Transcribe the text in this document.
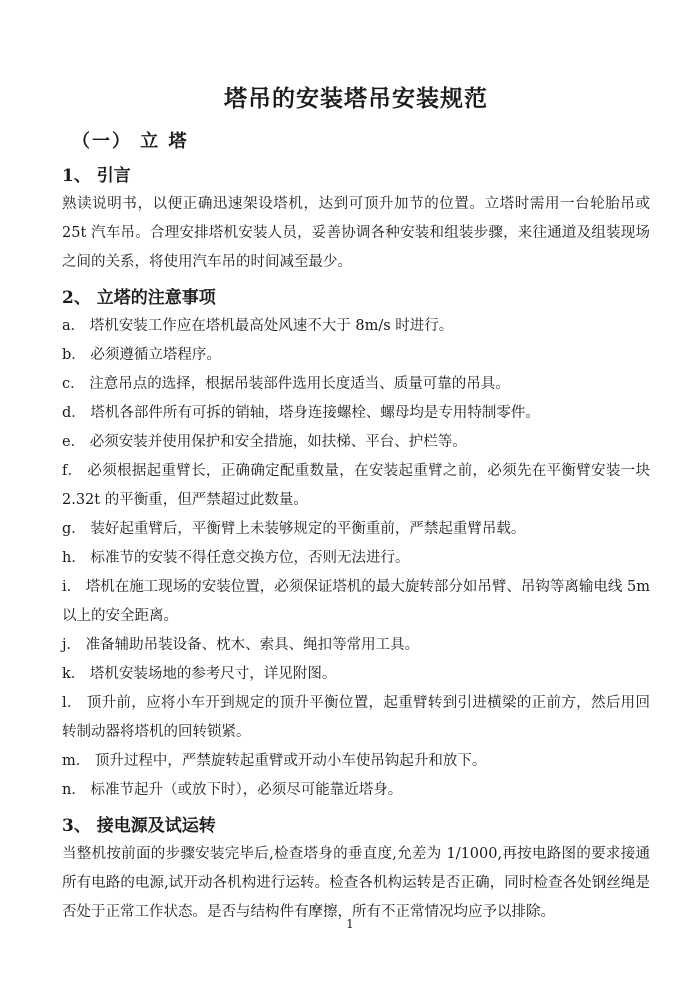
塔吊的安装塔吊安装规范
（一） 立 塔
1、 引言

熟读说明书，以便正确迅速架设塔机，达到可顶升加节的位置。立塔时需用一台轮胎吊或 25t 汽车吊。合理安排塔机安装人员，妥善协调各种安装和组装步骤，来往通道及组装现场之间的关系，将使用汽车吊的时间减至最少。

2、 立塔的注意事项

a． 塔机安装工作应在塔机最高处风速不大于 8m/s 时进行。

b． 必须遵循立塔程序。

c． 注意吊点的选择，根据吊装部件选用长度适当、质量可靠的吊具。

d． 塔机各部件所有可拆的销轴，塔身连接螺栓、螺母均是专用特制零件。

e． 必须安装并使用保护和安全措施，如扶梯、平台、护栏等。

f． 必须根据起重臂长，正确确定配重数量，在安装起重臂之前，必须先在平衡臂安装一块 2.32t 的平衡重，但严禁超过此数量。

g． 装好起重臂后，平衡臂上未装够规定的平衡重前，严禁起重臂吊载。

h． 标准节的安装不得任意交换方位，否则无法进行。

i． 塔机在施工现场的安装位置，必须保证塔机的最大旋转部分如吊臂、吊钩等离输电线 5m 以上的安全距离。

j． 准备辅助吊装设备、枕木、索具、绳扣等常用工具。

k． 塔机安装场地的参考尺寸，详见附图。

l． 顶升前，应将小车开到规定的顶升平衡位置，起重臂转到引进横梁的正前方，然后用回转制动器将塔机的回转锁紧。

m． 顶升过程中，严禁旋转起重臂或开动小车使吊钩起升和放下。

n． 标准节起升（或放下时），必须尽可能靠近塔身。

3、 接电源及试运转

当整机按前面的步骤安装完毕后,检查塔身的垂直度,允差为 1/1000,再按电路图的要求接通所有电路的电源,试开动各机构进行运转。检查各机构运转是否正确，同时检查各处钢丝绳是否处于正常工作状态。是否与结构件有摩擦，所有不正常情况均应予以排除。

1
